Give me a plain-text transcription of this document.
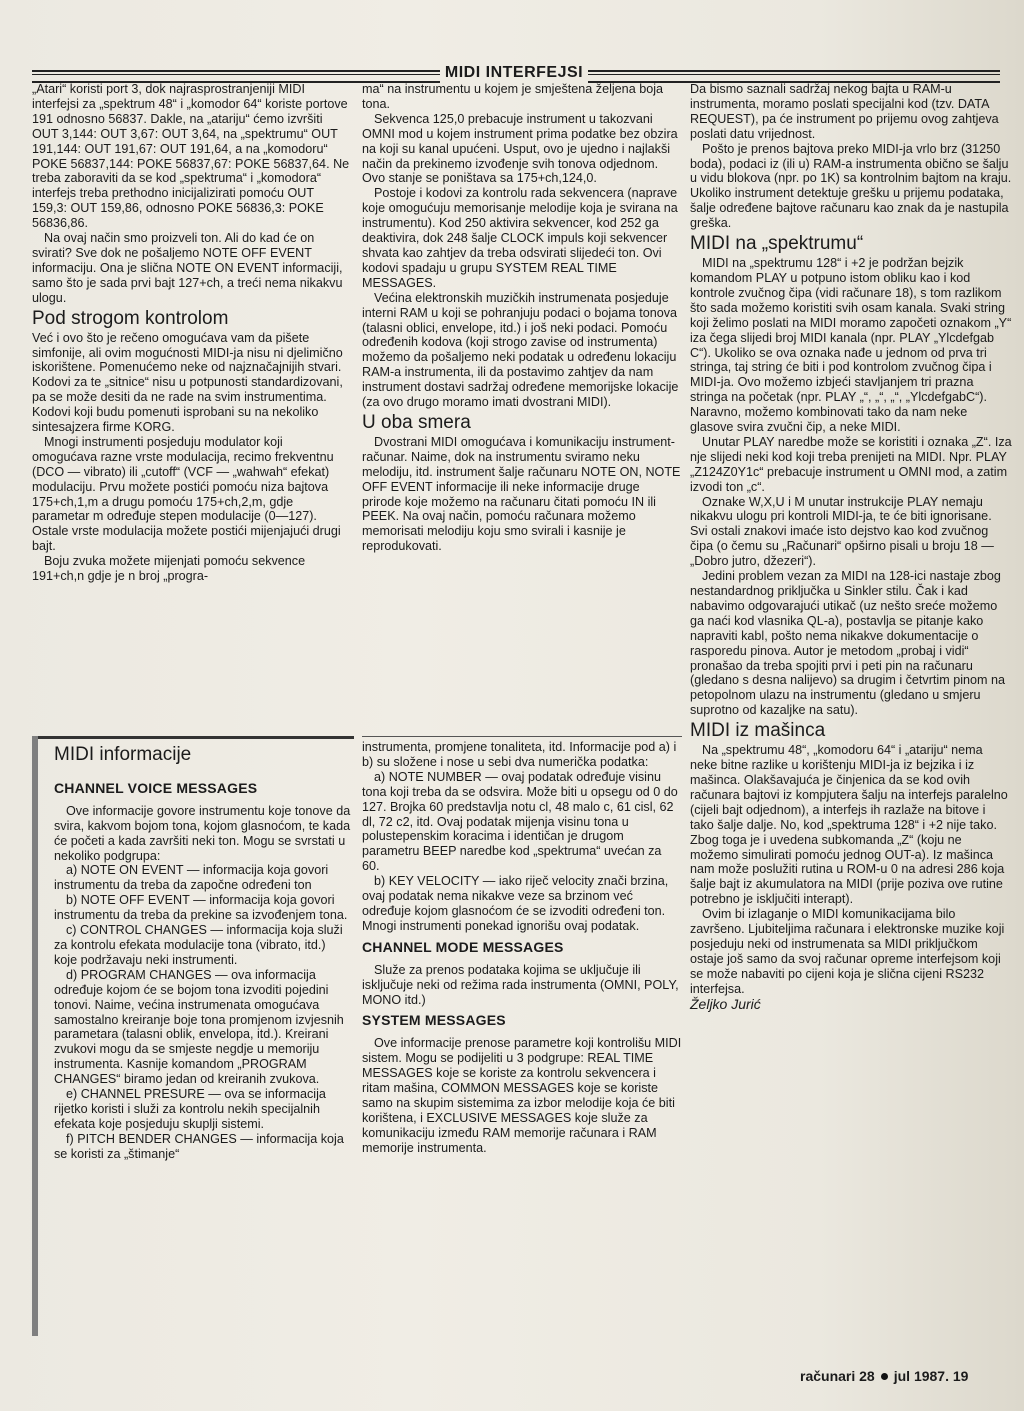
MIDI INTERFEJSI

„Atari“ koristi port 3, dok najrasprostranjeniji MIDI interfejsi za „spektrum 48“ i „komodor 64“ koriste portove 191 odnosno 56837. Dakle, na „atariju“ ćemo izvršiti OUT 3,144: OUT 3,67: OUT 3,64, na „spektrumu“ OUT 191,144: OUT 191,67: OUT 191,64, a na „komodoru“ POKE 56837,144: POKE 56837,67: POKE 56837,64. Ne treba zaboraviti da se kod „spektruma“ i „komodora“ interfejs treba prethodno inicijalizirati pomoću OUT 159,3: OUT 159,86, odnosno POKE 56836,3: POKE 56836,86.

Na ovaj način smo proizveli ton. Ali do kad će on svirati? Sve dok ne pošaljemo NOTE OFF EVENT informaciju. Ona je slična NOTE ON EVENT informaciji, samo što je sada prvi bajt 127+ch, a treći nema nikakvu ulogu.

Pod strogom kontrolom

Već i ovo što je rečeno omogućava vam da pišete simfonije, ali ovim mogućnosti MIDI-ja nisu ni djelimično iskorištene. Pomenućemo neke od najznačajnijih stvari. Kodovi za te „sitnice“ nisu u potpunosti standardizovani, pa se može desiti da ne rade na svim instrumentima. Kodovi koji budu pomenuti isprobani su na nekoliko sintesajzera firme KORG.

Mnogi instrumenti posjeduju modulator koji omogućava razne vrste modulacija, recimo frekventnu (DCO — vibrato) ili „cutoff“ (VCF — „wahwah“ efekat) modulaciju. Prvu možete postići pomoću niza bajtova 175+ch,1,m a drugu pomoću 175+ch,2,m, gdje parametar m određuje stepen modulacije (0—127). Ostale vrste modulacija možete postići mijenjajući drugi bajt.

Boju zvuka možete mijenjati pomoću sekvence 191+ch,n gdje je n broj „progra-

ma“ na instrumentu u kojem je smještena željena boja tona.

Sekvenca 125,0 prebacuje instrument u takozvani OMNI mod u kojem instrument prima podatke bez obzira na koji su kanal upućeni. Usput, ovo je ujedno i najlakši način da prekinemo izvođenje svih tonova odjednom. Ovo stanje se poništava sa 175+ch,124,0.

Postoje i kodovi za kontrolu rada sekvencera (naprave koje omogućuju memorisanje melodije koja je svirana na instrumentu). Kod 250 aktivira sekvencer, kod 252 ga deaktivira, dok 248 šalje CLOCK impuls koji sekvencer shvata kao zahtjev da treba odsvirati slijedeći ton. Ovi kodovi spadaju u grupu SYSTEM REAL TIME MESSAGES.

Većina elektronskih muzičkih instrumenata posjeduje interni RAM u koji se pohranjuju podaci o bojama tonova (talasni oblici, envelope, itd.) i još neki podaci. Pomoću određenih kodova (koji strogo zavise od instrumenta) možemo da pošaljemo neki podatak u određenu lokaciju RAM-a instrumenta, ili da postavimo zahtjev da nam instrument dostavi sadržaj određene memorijske lokacije (za ovo drugo moramo imati dvostrani MIDI).

U oba smera

Dvostrani MIDI omogućava i komunikaciju instrument-računar. Naime, dok na instrumentu sviramo neku melodiju, itd. instrument šalje računaru NOTE ON, NOTE OFF EVENT informacije ili neke informacije druge prirode koje možemo na računaru čitati pomoću IN ili PEEK. Na ovaj način, pomoću računara možemo memorisati melodiju koju smo svirali i kasnije je reprodukovati.

Da bismo saznali sadržaj nekog bajta u RAM-u instrumenta, moramo poslati specijalni kod (tzv. DATA REQUEST), pa će instrument po prijemu ovog zahtjeva poslati datu vrijednost.

Pošto je prenos bajtova preko MIDI-ja vrlo brz (31250 boda), podaci iz (ili u) RAM-a instrumenta obično se šalju u vidu blokova (npr. po 1K) sa kontrolnim bajtom na kraju. Ukoliko instrument detektuje grešku u prijemu podataka, šalje određene bajtove računaru kao znak da je nastupila greška.

MIDI na „spektrumu“

MIDI na „spektrumu 128“ i +2 je podržan bejzik komandom PLAY u potpuno istom obliku kao i kod kontrole zvučnog čipa (vidi računare 18), s tom razlikom što sada možemo koristiti svih osam kanala. Svaki string koji želimo poslati na MIDI moramo započeti oznakom „Y“ iza čega slijedi broj MIDI kanala (npr. PLAY „Ylcdefgab C“). Ukoliko se ova oznaka nađe u jednom od prva tri stringa, taj string će biti i pod kontrolom zvučnog čipa i MIDI-ja. Ovo možemo izbjeći stavljanjem tri prazna stringa na početak (npr. PLAY „“, „“, „“, „YlcdefgabC“). Naravno, možemo kombinovati tako da nam neke glasove svira zvučni čip, a neke MIDI.

Unutar PLAY naredbe može se koristiti i oznaka „Z“. Iza nje slijedi neki kod koji treba prenijeti na MIDI. Npr. PLAY „Z124Z0Y1c“ prebacuje instrument u OMNI mod, a zatim izvodi ton „c“.

Oznake W,X,U i M unutar instrukcije PLAY nemaju nikakvu ulogu pri kontroli MIDI-ja, te će biti ignorisane. Svi ostali znakovi imaće isto dejstvo kao kod zvučnog čipa (o čemu su „Računari“ opširno pisali u broju 18 — „Dobro jutro, džezeri“).

Jedini problem vezan za MIDI na 128-ici nastaje zbog nestandardnog priključka u Sinkler stilu. Čak i kad nabavimo odgovarajući utikač (uz nešto sreće možemo ga naći kod vlasnika QL-a), postavlja se pitanje kako napraviti kabl, pošto nema nikakve dokumentacije o rasporedu pinova. Autor je metodom „probaj i vidi“ pronašao da treba spojiti prvi i peti pin na računaru (gledano s desna nalijevo) sa drugim i četvrtim pinom na petopolnom ulazu na instrumentu (gledano u smjeru suprotno od kazaljke na satu).

MIDI iz mašinca

Na „spektrumu 48“, „komodoru 64“ i „atariju“ nema neke bitne razlike u korištenju MIDI-ja iz bejzika i iz mašinca. Olakšavajuća je činjenica da se kod ovih računara bajtovi iz kompjutera šalju na interfejs paralelno (cijeli bajt odjednom), a interfejs ih razlaže na bitove i tako šalje dalje. No, kod „spektruma 128“ i +2 nije tako. Zbog toga je i uvedena subkomanda „Z“ (koju ne možemo simulirati pomoću jednog OUT-a). Iz mašinca nam može poslužiti rutina u ROM-u 0 na adresi 286 koja šalje bajt iz akumulatora na MIDI (prije poziva ove rutine potrebno je isključiti interapt).

Ovim bi izlaganje o MIDI komunikacijama bilo završeno. Ljubiteljima računara i elektronske muzike koji posjeduju neki od instrumenata sa MIDI priključkom ostaje još samo da svoj računar opreme interfejsom koji se može nabaviti po cijeni koja je slična cijeni RS232 interfejsa.

Željko Jurić

MIDI informacije
CHANNEL VOICE MESSAGES

Ove informacije govore instrumentu koje tonove da svira, kakvom bojom tona, kojom glasnoćom, te kada će početi a kada završiti neki ton. Mogu se svrstati u nekoliko podgrupa:

a) NOTE ON EVENT — informacija koja govori instrumentu da treba da započne određeni ton

b) NOTE OFF EVENT — informacija koja govori instrumentu da treba da prekine sa izvođenjem tona.

c) CONTROL CHANGES — informacija koja služi za kontrolu efekata modulacije tona (vibrato, itd.) koje podržavaju neki instrumenti.

d) PROGRAM CHANGES — ova informacija određuje kojom će se bojom tona izvoditi pojedini tonovi. Naime, većina instrumenata omogućava samostalno kreiranje boje tona promjenom izvjesnih parametara (talasni oblik, envelopa, itd.). Kreirani zvukovi mogu da se smjeste negdje u memoriju instrumenta. Kasnije komandom „PROGRAM CHANGES“ biramo jedan od kreiranih zvukova.

e) CHANNEL PRESURE — ova se informacija rijetko koristi i služi za kontrolu nekih specijalnih efekata koje posjeduju skuplji sistemi.

f) PITCH BENDER CHANGES — informacija koja se koristi za „štimanje“

instrumenta, promjene tonaliteta, itd. Informacije pod a) i b) su složene i nose u sebi dva numerička podatka:

a) NOTE NUMBER — ovaj podatak određuje visinu tona koji treba da se odsvira. Može biti u opsegu od 0 do 127. Brojka 60 predstavlja notu cl, 48 malo c, 61 cisl, 62 dl, 72 c2, itd. Ovaj podatak mijenja visinu tona u polustepenskim koracima i identičan je drugom parametru BEEP naredbe kod „spektruma“ uvećan za 60.

b) KEY VELOCITY — iako riječ velocity znači brzina, ovaj podatak nema nikakve veze sa brzinom već određuje kojom glasnoćom će se izvoditi određeni ton. Mnogi instrumenti ponekad ignorišu ovaj podatak.

CHANNEL MODE MESSAGES

Služe za prenos podataka kojima se uključuje ili isključuje neki od režima rada instrumenta (OMNI, POLY, MONO itd.)

SYSTEM MESSAGES

Ove informacije prenose parametre koji kontrolišu MIDI sistem. Mogu se podijeliti u 3 podgrupe: REAL TIME MESSAGES koje se koriste za kontrolu sekvencera i ritam mašina, COMMON MESSAGES koje se koriste samo na skupim sistemima za izbor melodije koja će biti korištena, i EXCLUSIVE MESSAGES koje služe za komunikaciju između RAM memorije računara i RAM memorije instrumenta.

računari 28 jul 1987. 19
